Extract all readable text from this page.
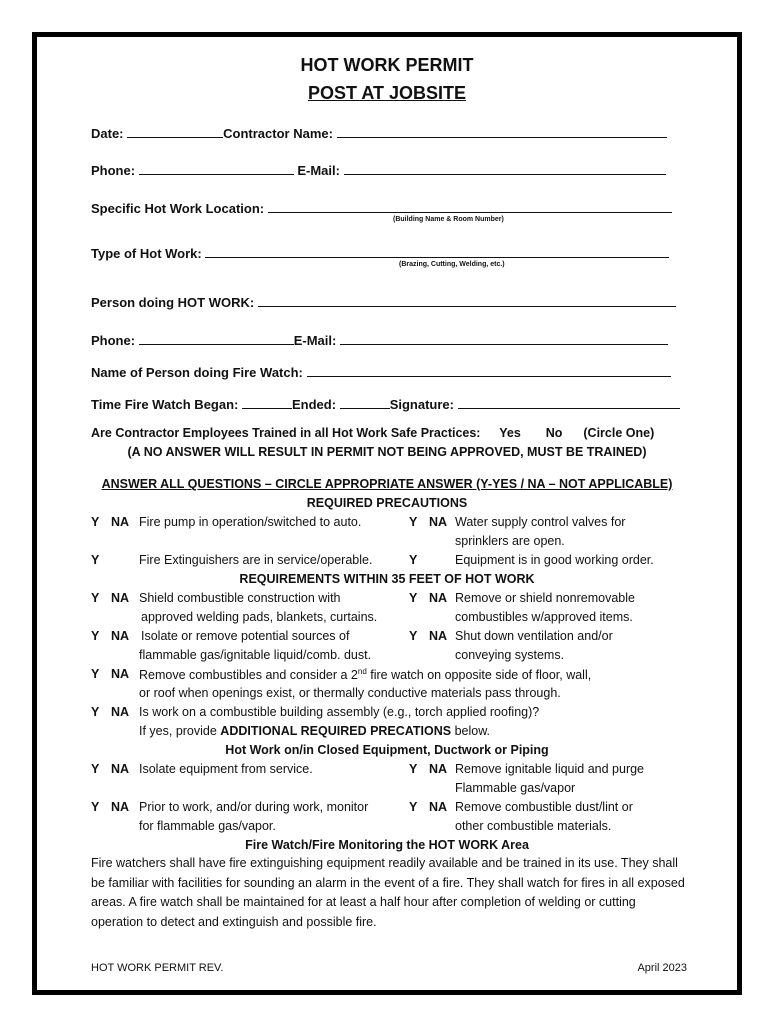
HOT WORK PERMIT
POST AT JOBSITE
Date:	Contractor Name:
Phone:	E-Mail:
Specific Hot Work Location:
(Building Name & Room Number)
Type of Hot Work:
(Brazing, Cutting, Welding, etc.)
Person doing HOT WORK:
Phone:	E-Mail:
Name of Person doing Fire Watch:
Time Fire Watch Began:	Ended:	Signature:
Are Contractor Employees Trained in all Hot Work Safe Practices: Yes No (Circle One)
(A NO ANSWER WILL RESULT IN PERMIT NOT BEING APPROVED, MUST BE TRAINED)
ANSWER ALL QUESTIONS – CIRCLE APPROPRIATE ANSWER (Y-YES / NA – NOT APPLICABLE)
REQUIRED PRECAUTIONS
Y NA Fire pump in operation/switched to auto.	Y NA Water supply control valves for
sprinklers are open.
Y	Fire Extinguishers are in service/operable.	Y	Equipment is in good working order.
REQUIREMENTS WITHIN 35 FEET OF HOT WORK
Y NA Shield combustible construction with
approved welding pads, blankets, curtains.
Y NA Remove or shield nonremovable
combustibles w/approved items.
Y NA Isolate or remove potential sources of
flammable gas/ignitable liquid/comb. dust.
Y NA Shut down ventilation and/or
conveying systems.
Y NA Remove combustibles and consider a 2nd fire watch on opposite side of floor, wall,
or roof when openings exist, or thermally conductive materials pass through.
Y NA Is work on a combustible building assembly (e.g., torch applied roofing)?
If yes, provide ADDITIONAL REQUIRED PRECATIONS below.
Hot Work on/in Closed Equipment, Ductwork or Piping
Y NA Isolate equipment from service.	Y NA Remove ignitable liquid and purge
Flammable gas/vapor
Y NA Prior to work, and/or during work, monitor
for flammable gas/vapor.
Y NA Remove combustible dust/lint or
other combustible materials.
Fire Watch/Fire Monitoring the HOT WORK Area
Fire watchers shall have fire extinguishing equipment readily available and be trained in its use. They shall be familiar with facilities for sounding an alarm in the event of a fire. They shall watch for fires in all exposed areas. A fire watch shall be maintained for at least a half hour after completion of welding or cutting operation to detect and extinguish and possible fire.
HOT WORK PERMIT REV.	April 2023
